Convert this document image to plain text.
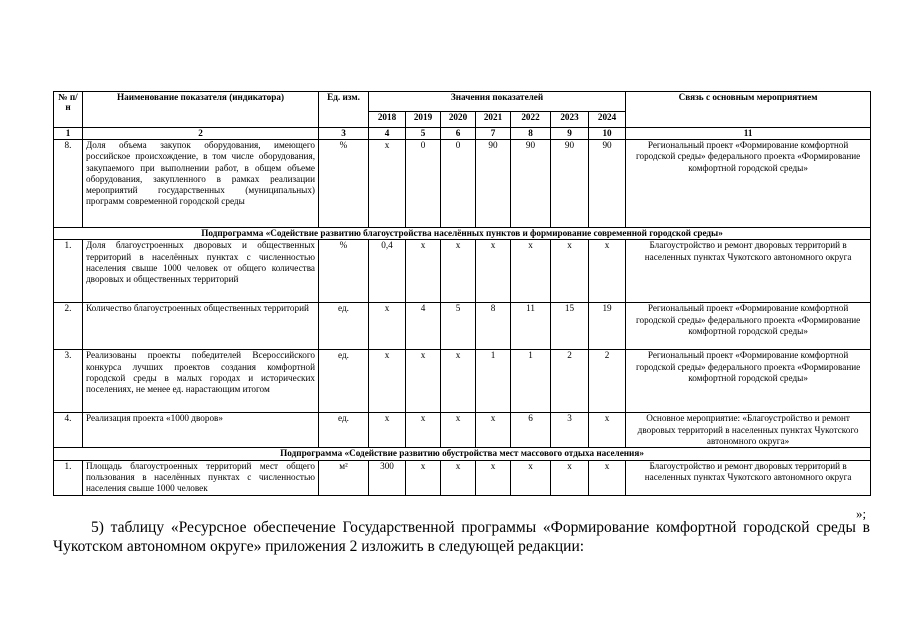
№ п/н	Наименование показателя (индикатора)	Ед. изм.	Значения показателей							Связь с основным мероприятием
			2018	2019	2020	2021	2022	2023	2024	
1	2	3	4	5	6	7	8	9	10	11
8.	Доля объема закупок оборудования, имеющего российское происхождение, в том числе оборудования, закупаемого при выполнении работ, в общем объеме оборудования, закупленного в рамках реализации мероприятий государственных (муниципальных) программ современной городской среды	%	х	0	0	90	90	90	90	Региональный проект «Формирование комфортной городской среды» федерального проекта «Формирование комфортной городской среды»
Подпрограмма «Содействие развитию благоустройства населённых пунктов и формирование современной городской среды»										
1.	Доля благоустроенных дворовых и общественных территорий в населённых пунктах с численностью населения свыше 1000 человек от общего количества дворовых и общественных территорий	%	0,4	х	х	х	х	х	х	Благоустройство и ремонт дворовых территорий в населенных пунктах Чукотского автономного округа
2.	Количество благоустроенных общественных территорий	ед.	х	4	5	8	11	15	19	Региональный проект «Формирование комфортной городской среды» федерального проекта «Формирование комфортной городской среды»
3.	Реализованы проекты победителей Всероссийского конкурса лучших проектов создания комфортной городской среды в малых городах и исторических поселениях, не менее ед. нарастающим итогом	ед.	х	х	х	1	1	2	2	Региональный проект «Формирование комфортной городской среды» федерального проекта «Формирование комфортной городской среды»
4.	Реализация проекта «1000 дворов»	ед.	х	х	х	х	6	3	х	Основное мероприятие: «Благоустройство и ремонт дворовых территорий в населенных пунктах Чукотского автономного округа»
Подпрограмма «Содействие развитию обустройства мест массового отдыха населения»										
1.	Площадь благоустроенных территорий мест общего пользования в населённых пунктах с численностью населения свыше 1000 человек	м²	300	х	х	х	х	х	х	Благоустройство и ремонт дворовых территорий в населенных пунктах Чукотского автономного округа
»;
5) таблицу «Ресурсное обеспечение Государственной программы «Формирование комфортной городской среды в Чукотском автономном округе» приложения 2 изложить в следующей редакции:
